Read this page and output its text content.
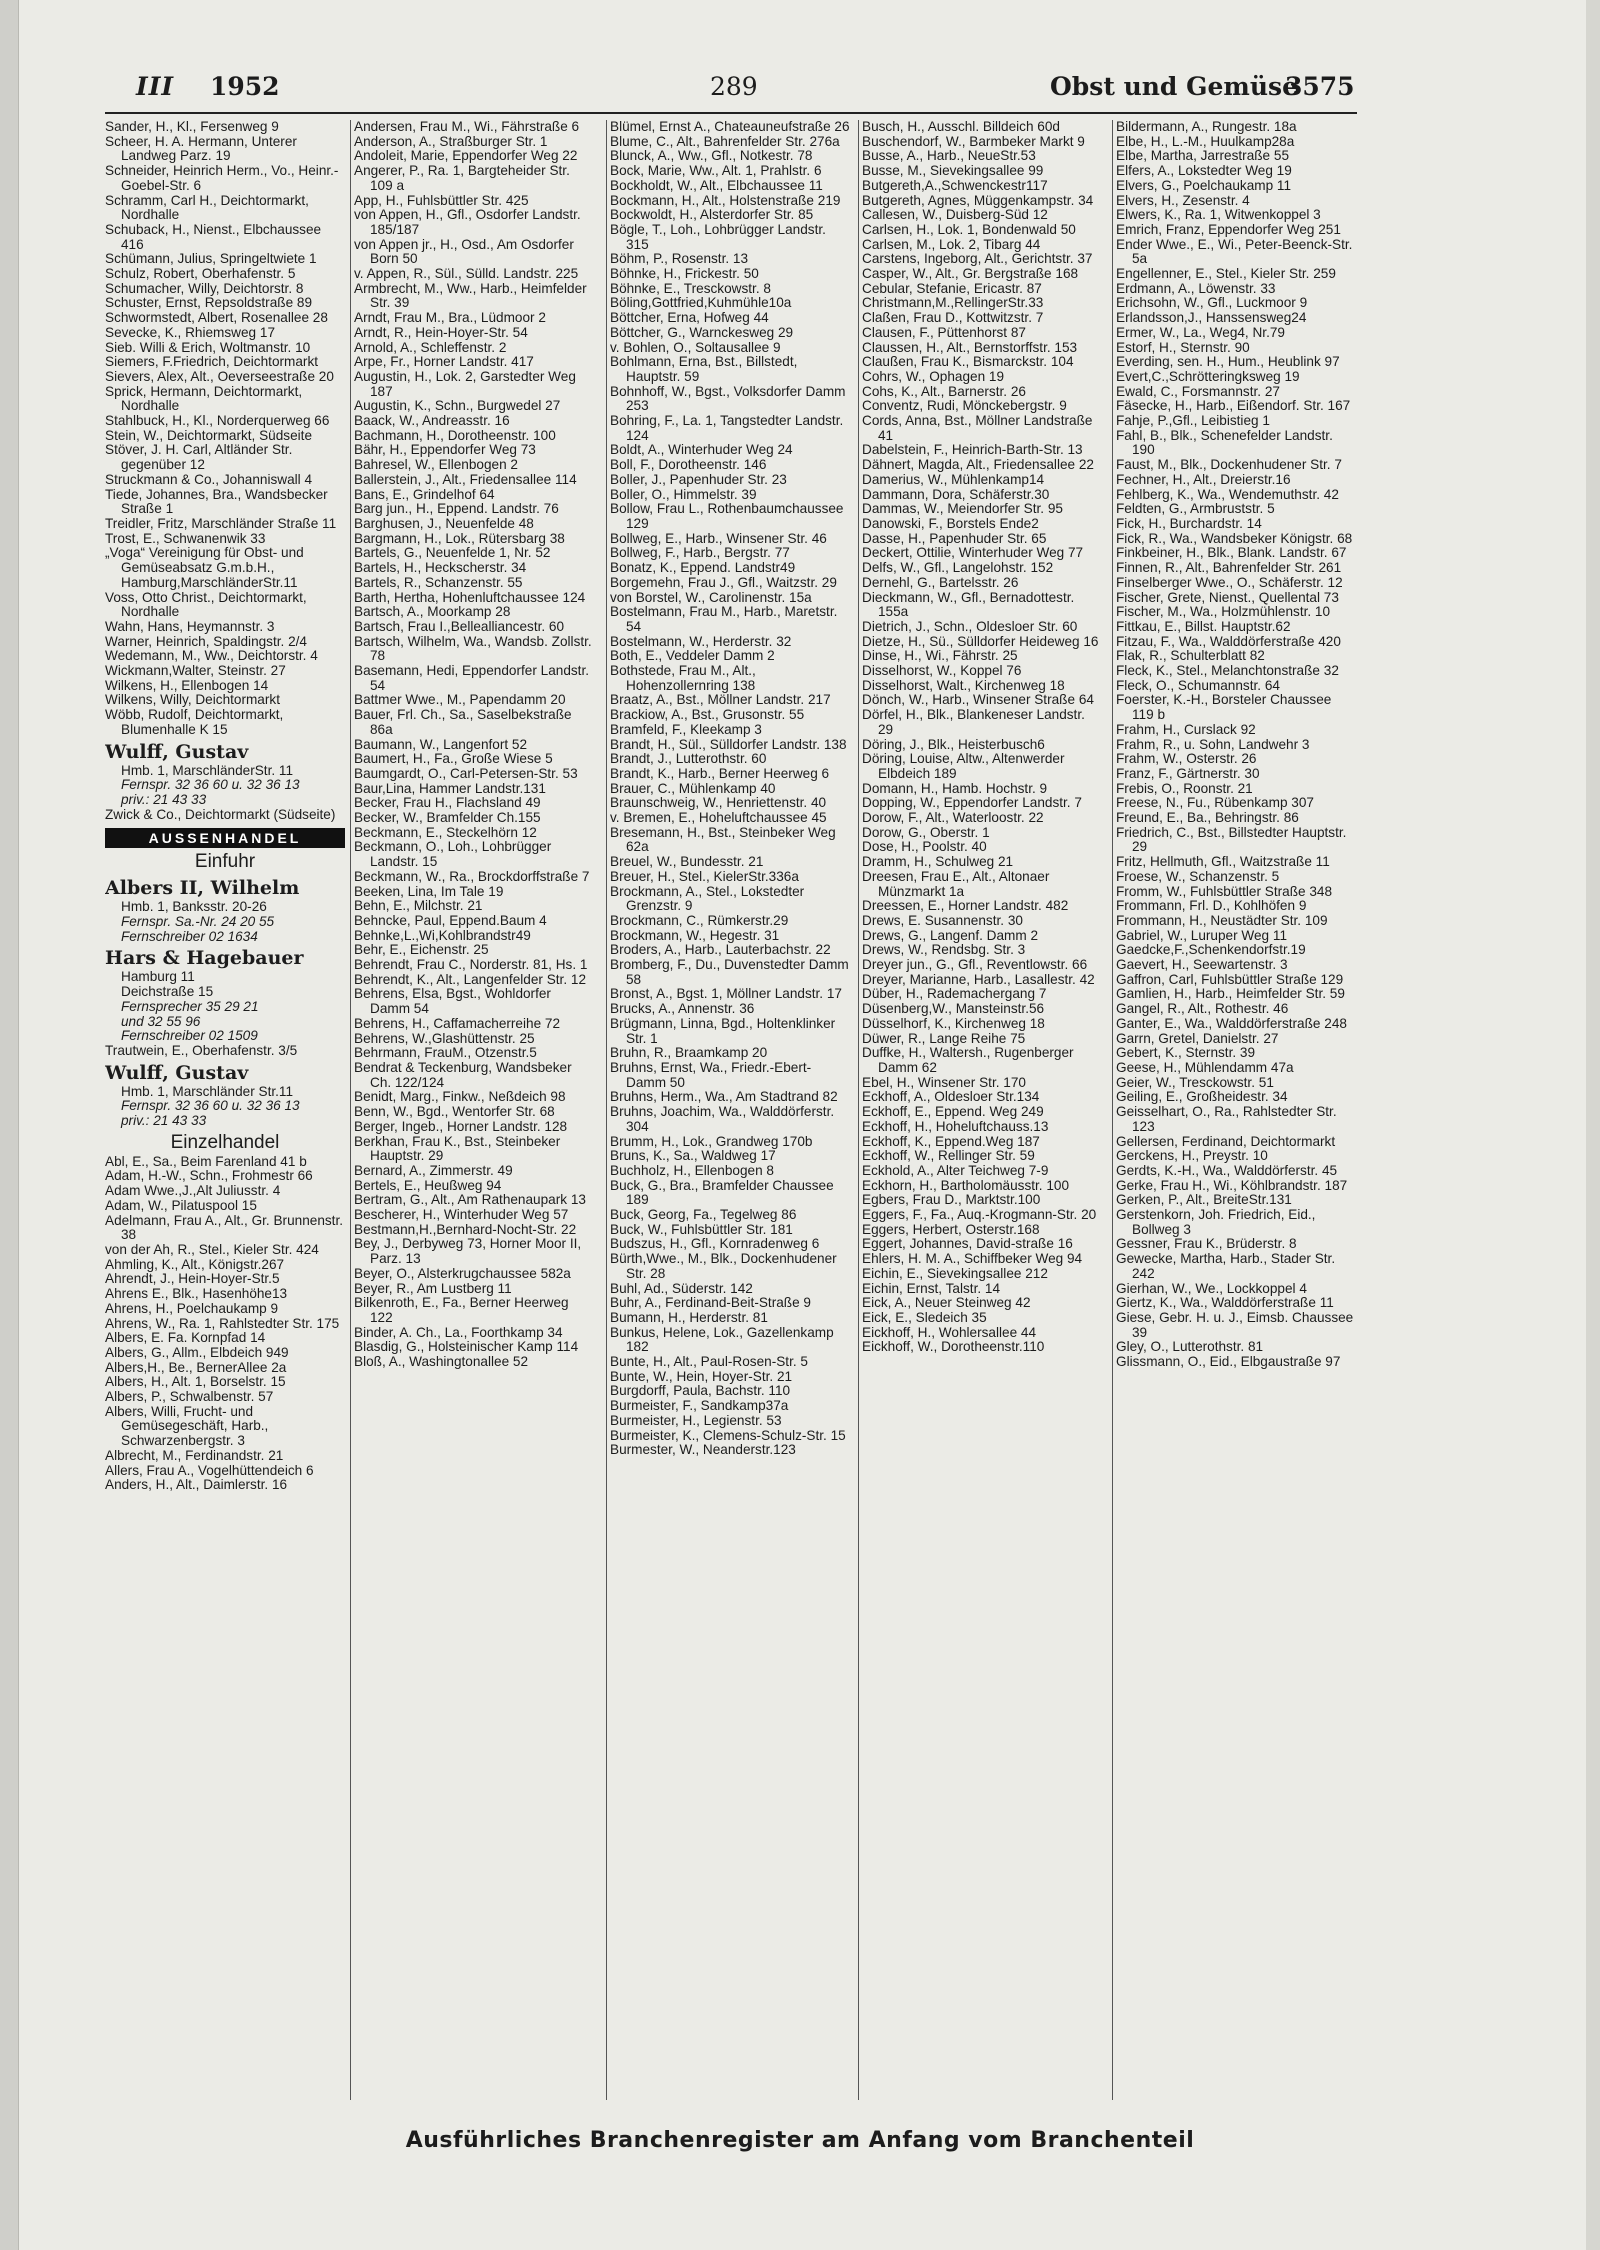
III 1952	289	Obst und Gemüse
3575
Sander, H., Kl., Fersenweg 9
Scheer, H. A. Hermann, Unterer Landweg Parz. 19
Schneider, Heinrich Herm., Vo., Heinr.-Goebel-Str. 6
Schramm, Carl H., Deichtormarkt, Nordhalle
Schuback, H., Nienst., Elbchaussee 416
Schümann, Julius, Springeltwiete 1
Schulz, Robert, Oberhafenstr. 5
Schumacher, Willy, Deichtorstr. 8
Schuster, Ernst, Repsoldstraße 89
Schwormstedt, Albert, Rosenallee 28
Sevecke, K., Rhiemsweg 17
Sieb. Willi & Erich, Woltmanstr. 10
Siemers, F.Friedrich, Deichtormarkt
Sievers, Alex, Alt., Oeverseestraße 20
Sprick, Hermann, Deichtormarkt, Nordhalle
Stahlbuck, H., Kl., Norderquerweg 66
Stein, W., Deichtormarkt, Südseite
Stöver, J. H. Carl, Altländer Str. gegenüber 12
Struckmann & Co., Johanniswall 4
Tiede, Johannes, Bra., Wandsbecker Straße 1
Treidler, Fritz, Marschländer Straße 11
Trost, E., Schwanenwik 33
„Voga“ Vereinigung für Obst- und Gemüseabsatz G.m.b.H., Hamburg,MarschländerStr.11
Voss, Otto Christ., Deichtormarkt, Nordhalle
Wahn, Hans, Heymannstr. 3
Warner, Heinrich, Spaldingstr. 2/4
Wedemann, M., Ww., Deichtorstr. 4
Wickmann,Walter, Steinstr. 27
Wilkens, H., Ellenbogen 14
Wilkens, Willy, Deichtormarkt
Wöbb, Rudolf, Deichtormarkt, Blumenhalle K 15
Wulff, Gustav
Hmb. 1, MarschländerStr. 11
Fernspr. 32 36 60 u. 32 36 13
priv.: 21 43 33
Zwick & Co., Deichtormarkt (Südseite)
AUSSENHANDEL
Einfuhr
Albers II, Wilhelm
Hmb. 1, Banksstr. 20-26
Fernspr. Sa.-Nr. 24 20 55
Fernschreiber 02 1634
Hars & Hagebauer
Hamburg 11
Deichstraße 15
Fernsprecher 35 29 21
und 32 55 96
Fernschreiber 02 1509
Trautwein, E., Oberhafenstr. 3/5
Wulff, Gustav
Hmb. 1, Marschländer Str.11
Fernspr. 32 36 60 u. 32 36 13
priv.: 21 43 33
Einzelhandel
Abl, E., Sa., Beim Farenland 41 b
Adam, H.-W., Schn., Frohmestr 66
Adam Wwe.,J.,Alt Juliusstr. 4
Adam, W., Pilatuspool 15
Adelmann, Frau A., Alt., Gr. Brunnenstr. 38
von der Ah, R., Stel., Kieler Str. 424
Ahmling, K., Alt., Königstr.267
Ahrendt, J., Hein-Hoyer-Str.5
Ahrens E., Blk., Hasenhöhe13
Ahrens, H., Poelchaukamp 9
Ahrens, W., Ra. 1, Rahlstedter Str. 175
Albers, E. Fa. Kornpfad 14
Albers, G., Allm., Elbdeich 949
Albers,H., Be., BernerAllee 2a
Albers, H., Alt. 1, Borselstr. 15
Albers, P., Schwalbenstr. 57
Albers, Willi, Frucht- und Gemüsegeschäft, Harb., Schwarzenbergstr. 3
Albrecht, M., Ferdinandstr. 21
Allers, Frau A., Vogelhüttendeich 6
Anders, H., Alt., Daimlerstr. 16
Andersen, Frau M., Wi., Fährstraße 6
Anderson, A., Straßburger Str. 1
Andoleit, Marie, Eppendorfer Weg 22
Angerer, P., Ra. 1, Bargteheider Str. 109 a
App, H., Fuhlsbüttler Str. 425
von Appen, H., Gfl., Osdorfer Landstr. 185/187
von Appen jr., H., Osd., Am Osdorfer Born 50
v. Appen, R., Sül., Sülld. Landstr. 225
Armbrecht, M., Ww., Harb., Heimfelder Str. 39
Arndt, Frau M., Bra., Lüdmoor 2
Arndt, R., Hein-Hoyer-Str. 54
Arnold, A., Schleffenstr. 2
Arpe, Fr., Horner Landstr. 417
Augustin, H., Lok. 2, Garstedter Weg 187
Augustin, K., Schn., Burgwedel 27
Baack, W., Andreasstr. 16
Bachmann, H., Dorotheenstr. 100
Bähr, H., Eppendorfer Weg 73
Bahresel, W., Ellenbogen 2
Ballerstein, J., Alt., Friedensallee 114
Bans, E., Grindelhof 64
Barg jun., H., Eppend. Landstr. 76
Barghusen, J., Neuenfelde 48
Bargmann, H., Lok., Rütersbarg 38
Bartels, G., Neuenfelde 1, Nr. 52
Bartels, H., Heckscherstr. 34
Bartels, R., Schanzenstr. 55
Barth, Hertha, Hohenluftchaussee 124
Bartsch, A., Moorkamp 28
Bartsch, Frau I.,Bellealliancestr. 60
Bartsch, Wilhelm, Wa., Wandsb. Zollstr. 78
Basemann, Hedi, Eppendorfer Landstr. 54
Battmer Wwe., M., Papendamm 20
Bauer, Frl. Ch., Sa., Saselbekstraße 86a
Baumann, W., Langenfort 52
Baumert, H., Fa., Große Wiese 5
Baumgardt, O., Carl-Petersen-Str. 53
Baur,Lina, Hammer Landstr.131
Becker, Frau H., Flachsland 49
Becker, W., Bramfelder Ch.155
Beckmann, E., Steckelhörn 12
Beckmann, O., Loh., Lohbrügger Landstr. 15
Beckmann, W., Ra., Brockdorffstraße 7
Beeken, Lina, Im Tale 19
Behn, E., Milchstr. 21
Behncke, Paul, Eppend.Baum 4
Behnke,L.,Wi,Kohlbrandstr49
Behr, E., Eichenstr. 25
Behrendt, Frau C., Norderstr. 81, Hs. 1
Behrendt, K., Alt., Langenfelder Str. 12
Behrens, Elsa, Bgst., Wohldorfer Damm 54
Behrens, H., Caffamacherreihe 72
Behrens, W.,Glashüttenstr. 25
Behrmann, FrauM., Otzenstr.5
Bendrat & Teckenburg, Wandsbeker Ch. 122/124
Benidt, Marg., Finkw., Neßdeich 98
Benn, W., Bgd., Wentorfer Str. 68
Berger, Ingeb., Horner Landstr. 128
Berkhan, Frau K., Bst., Steinbeker Hauptstr. 29
Bernard, A., Zimmerstr. 49
Bertels, E., Heußweg 94
Bertram, G., Alt., Am Rathenaupark 13
Bescherer, H., Winterhuder Weg 57
Bestmann,H.,Bernhard-Nocht-Str. 22
Bey, J., Derbyweg 73, Horner Moor II, Parz. 13
Beyer, O., Alsterkrugchaussee 582a
Beyer, R., Am Lustberg 11
Bilkenroth, E., Fa., Berner Heerweg 122
Binder, A. Ch., La., Foorthkamp 34
Blasdig, G., Holsteinischer Kamp 114
Bloß, A., Washingtonallee 52
Blümel, Ernst A., Chateauneufstraße 26
Blume, C., Alt., Bahrenfelder Str. 276a
Blunck, A., Ww., Gfl., Notkestr. 78
Bock, Marie, Ww., Alt. 1, Prahlstr. 6
Bockholdt, W., Alt., Elbchaussee 11
Bockmann, H., Alt., Holstenstraße 219
Bockwoldt, H., Alsterdorfer Str. 85
Bögle, T., Loh., Lohbrügger Landstr. 315
Böhm, P., Rosenstr. 13
Böhnke, H., Frickestr. 50
Böhnke, E., Tresckowstr. 8
Böling,Gottfried,Kuhmühle10a
Böttcher, Erna, Hofweg 44
Böttcher, G., Warnckesweg 29
v. Bohlen, O., Soltausallee 9
Bohlmann, Erna, Bst., Billstedt, Hauptstr. 59
Bohnhoff, W., Bgst., Volksdorfer Damm 253
Bohring, F., La. 1, Tangstedter Landstr. 124
Boldt, A., Winterhuder Weg 24
Boll, F., Dorotheenstr. 146
Boller, J., Papenhuder Str. 23
Boller, O., Himmelstr. 39
Bollow, Frau L., Rothenbaumchaussee 129
Bollweg, E., Harb., Winsener Str. 46
Bollweg, F., Harb., Bergstr. 77
Bonatz, K., Eppend. Landstr49
Borgemehn, Frau J., Gfl., Waitzstr. 29
von Borstel, W., Carolinenstr. 15a
Bostelmann, Frau M., Harb., Maretstr. 54
Bostelmann, W., Herderstr. 32
Both, E., Veddeler Damm 2
Bothstede, Frau M., Alt., Hohenzollernring 138
Braatz, A., Bst., Möllner Landstr. 217
Brackiow, A., Bst., Grusonstr. 55
Bramfeld, F., Kleekamp 3
Brandt, H., Sül., Sülldorfer Landstr. 138
Brandt, J., Lutterothstr. 60
Brandt, K., Harb., Berner Heerweg 6
Brauer, C., Mühlenkamp 40
Braunschweig, W., Henriettenstr. 40
v. Bremen, E., Hoheluftchaussee 45
Bresemann, H., Bst., Steinbeker Weg 62a
Breuel, W., Bundesstr. 21
Breuer, H., Stel., KielerStr.336a
Brockmann, A., Stel., Lokstedter Grenzstr. 9
Brockmann, C., Rümkerstr.29
Brockmann, W., Hegestr. 31
Broders, A., Harb., Lauterbachstr. 22
Bromberg, F., Du., Duvenstedter Damm 58
Bronst, A., Bgst. 1, Möllner Landstr. 17
Brucks, A., Annenstr. 36
Brügmann, Linna, Bgd., Holtenklinker Str. 1
Bruhn, R., Braamkamp 20
Bruhns, Ernst, Wa., Friedr.-Ebert-Damm 50
Bruhns, Herm., Wa., Am Stadtrand 82
Bruhns, Joachim, Wa., Walddörferstr. 304
Brumm, H., Lok., Grandweg 170b
Bruns, K., Sa., Waldweg 17
Buchholz, H., Ellenbogen 8
Buck, G., Bra., Bramfelder Chaussee 189
Buck, Georg, Fa., Tegelweg 86
Buck, W., Fuhlsbüttler Str. 181
Budszus, H., Gfl., Kornradenweg 6
Bürth,Wwe., M., Blk., Dockenhudener Str. 28
Buhl, Ad., Süderstr. 142
Buhr, A., Ferdinand-Beit-Straße 9
Bumann, H., Herderstr. 81
Bunkus, Helene, Lok., Gazellenkamp 182
Bunte, H., Alt., Paul-Rosen-Str. 5
Bunte, W., Hein, Hoyer-Str. 21
Burgdorff, Paula, Bachstr. 110
Burmeister, F., Sandkamp37a
Burmeister, H., Legienstr. 53
Burmeister, K., Clemens-Schulz-Str. 15
Burmester, W., Neanderstr.123
Busch, H., Ausschl. Billdeich 60d
Buschendorf, W., Barmbeker Markt 9
Busse, A., Harb., NeueStr.53
Busse, M., Sievekingsallee 99
Butgereth,A.,Schwenckestr117
Butgereth, Agnes, Müggenkampstr. 34
Callesen, W., Duisberg-Süd 12
Carlsen, H., Lok. 1, Bondenwald 50
Carlsen, M., Lok. 2, Tibarg 44
Carstens, Ingeborg, Alt., Gerichtstr. 37
Casper, W., Alt., Gr. Bergstraße 168
Cebular, Stefanie, Ericastr. 87
Christmann,M.,RellingerStr.33
Claßen, Frau D., Kottwitzstr. 7
Clausen, F., Püttenhorst 87
Claussen, H., Alt., Bernstorffstr. 153
Claußen, Frau K., Bismarckstr. 104
Cohrs, W., Ophagen 19
Cohs, K., Alt., Barnerstr. 26
Conventz, Rudi, Mönckebergstr. 9
Cords, Anna, Bst., Möllner Landstraße 41
Dabelstein, F., Heinrich-Barth-Str. 13
Dähnert, Magda, Alt., Friedensallee 22
Damerius, W., Mühlenkamp14
Dammann, Dora, Schäferstr.30
Dammas, W., Meiendorfer Str. 95
Danowski, F., Borstels Ende2
Dasse, H., Papenhuder Str. 65
Deckert, Ottilie, Winterhuder Weg 77
Delfs, W., Gfl., Langelohstr. 152
Dernehl, G., Bartelsstr. 26
Dieckmann, W., Gfl., Bernadottestr. 155a
Dietrich, J., Schn., Oldesloer Str. 60
Dietze, H., Sü., Sülldorfer Heideweg 16
Dinse, H., Wi., Fährstr. 25
Disselhorst, W., Koppel 76
Disselhorst, Walt., Kirchenweg 18
Dönch, W., Harb., Winsener Straße 64
Dörfel, H., Blk., Blankeneser Landstr. 29
Döring, J., Blk., Heisterbusch6
Döring, Louise, Altw., Altenwerder Elbdeich 189
Domann, H., Hamb. Hochstr. 9
Dopping, W., Eppendorfer Landstr. 7
Dorow, F., Alt., Waterloostr. 22
Dorow, G., Oberstr. 1
Dose, H., Poolstr. 40
Dramm, H., Schulweg 21
Dreesen, Frau E., Alt., Altonaer Münzmarkt 1a
Dreessen, E., Horner Landstr. 482
Drews, E. Susannenstr. 30
Drews, G., Langenf. Damm 2
Drews, W., Rendsbg. Str. 3
Dreyer jun., G., Gfl., Reventlowstr. 66
Dreyer, Marianne, Harb., Lasallestr. 42
Düber, H., Rademachergang 7
Düsenberg,W., Mansteinstr.56
Düsselhorf, K., Kirchenweg 18
Düwer, R., Lange Reihe 75
Duffke, H., Waltersh., Rugenberger Damm 62
Ebel, H., Winsener Str. 170
Eckhoff, A., Oldesloer Str.134
Eckhoff, E., Eppend. Weg 249
Eckhoff, H., Hoheluftchauss.13
Eckhoff, K., Eppend.Weg 187
Eckhoff, W., Rellinger Str. 59
Eckhold, A., Alter Teichweg 7-9
Eckhorn, H., Bartholomäusstr. 100
Egbers, Frau D., Marktstr.100
Eggers, F., Fa., Auq.-Krogmann-Str. 20
Eggers, Herbert, Osterstr.168
Eggert, Johannes, David-straße 16
Ehlers, H. M. A., Schiffbeker Weg 94
Eichin, E., Sievekingsallee 212
Eichin, Ernst, Talstr. 14
Eick, A., Neuer Steinweg 42
Eick, E., Sledeich 35
Eickhoff, H., Wohlersallee 44
Eickhoff, W., Dorotheenstr.110
Bildermann, A., Rungestr. 18a
Elbe, H., L.-M., Huulkamp28a
Elbe, Martha, Jarrestraße 55
Elfers, A., Lokstedter Weg 19
Elvers, G., Poelchaukamp 11
Elvers, H., Zesenstr. 4
Elwers, K., Ra. 1, Witwenkoppel 3
Emrich, Franz, Eppendorfer Weg 251
Ender Wwe., E., Wi., Peter-Beenck-Str. 5a
Engellenner, E., Stel., Kieler Str. 259
Erdmann, A., Löwenstr. 33
Erichsohn, W., Gfl., Luckmoor 9
Erlandsson,J., Hanssensweg24
Ermer, W., La., Weg4, Nr.79
Estorf, H., Sternstr. 90
Everding, sen. H., Hum., Heublink 97
Evert,C.,Schrötteringksweg 19
Ewald, C., Forsmannstr. 27
Fäsecke, H., Harb., Eißendorf. Str. 167
Fahje, P.,Gfl., Leibistieg 1
Fahl, B., Blk., Schenefelder Landstr. 190
Faust, M., Blk., Dockenhudener Str. 7
Fechner, H., Alt., Dreierstr.16
Fehlberg, K., Wa., Wendemuthstr. 42
Feldten, G., Armbruststr. 5
Fick, H., Burchardstr. 14
Fick, R., Wa., Wandsbeker Königstr. 68
Finkbeiner, H., Blk., Blank. Landstr. 67
Finnen, R., Alt., Bahrenfelder Str. 261
Finselberger Wwe., O., Schäferstr. 12
Fischer, Grete, Nienst., Quellental 73
Fischer, M., Wa., Holzmühlenstr. 10
Fittkau, E., Billst. Hauptstr.62
Fitzau, F., Wa., Walddörferstraße 420
Flak, R., Schulterblatt 82
Fleck, K., Stel., Melanchtonstraße 32
Fleck, O., Schumannstr. 64
Foerster, K.-H., Borsteler Chaussee 119 b
Frahm, H., Curslack 92
Frahm, R., u. Sohn, Landwehr 3
Frahm, W., Osterstr. 26
Franz, F., Gärtnerstr. 30
Frebis, O., Roonstr. 21
Freese, N., Fu., Rübenkamp 307
Freund, E., Ba., Behringstr. 86
Friedrich, C., Bst., Billstedter Hauptstr. 29
Fritz, Hellmuth, Gfl., Waitzstraße 11
Froese, W., Schanzenstr. 5
Fromm, W., Fuhlsbüttler Straße 348
Frommann, Frl. D., Kohlhöfen 9
Frommann, H., Neustädter Str. 109
Gabriel, W., Luruper Weg 11
Gaedcke,F.,Schenkendorfstr.19
Gaevert, H., Seewartenstr. 3
Gaffron, Carl, Fuhlsbüttler Straße 129
Gamlien, H., Harb., Heimfelder Str. 59
Gangel, R., Alt., Rothestr. 46
Ganter, E., Wa., Walddörferstraße 248
Garrn, Gretel, Danielstr. 27
Gebert, K., Sternstr. 39
Geese, H., Mühlendamm 47a
Geier, W., Tresckowstr. 51
Geiling, E., Großheidestr. 34
Geisselhart, O., Ra., Rahlstedter Str. 123
Gellersen, Ferdinand, Deichtormarkt
Gerckens, H., Preystr. 10
Gerdts, K.-H., Wa., Walddörferstr. 45
Gerke, Frau H., Wi., Köhlbrandstr. 187
Gerken, P., Alt., BreiteStr.131
Gerstenkorn, Joh. Friedrich, Eid., Bollweg 3
Gessner, Frau K., Brüderstr. 8
Gewecke, Martha, Harb., Stader Str. 242
Gierhan, W., We., Lockkoppel 4
Giertz, K., Wa., Walddörferstraße 11
Giese, Gebr. H. u. J., Eimsb. Chaussee 39
Gley, O., Lutterothstr. 81
Glissmann, O., Eid., Elbgaustraße 97
Ausführliches Branchenregister am Anfang vom Branchenteil
